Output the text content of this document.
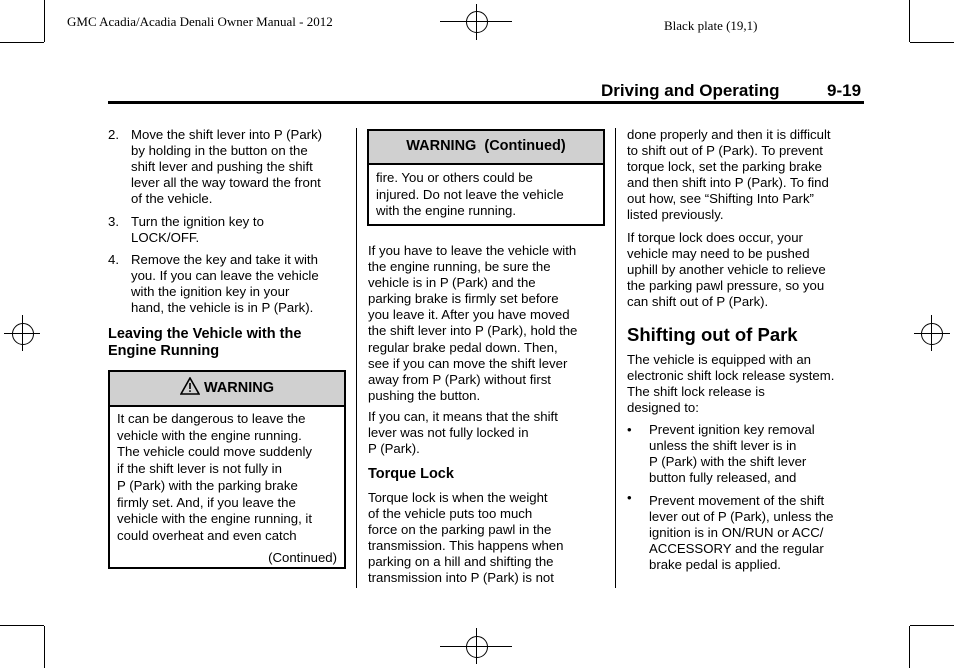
GMC Acadia/Acadia Denali Owner Manual - 2012	Black plate (19,1)
Driving and Operating	9-19
2. Move the shift lever into P (Park)
by holding in the button on the
shift lever and pushing the shift
lever all the way toward the front
of the vehicle.
3. Turn the ignition key to
LOCK/OFF.
4. Remove the key and take it with
you. If you can leave the vehicle
with the ignition key in your
hand, the vehicle is in P (Park).
Leaving the Vehicle with the
Engine Running
WARNING
It can be dangerous to leave the
vehicle with the engine running.
The vehicle could move suddenly
if the shift lever is not fully in
P (Park) with the parking brake
firmly set. And, if you leave the
vehicle with the engine running, it
could overheat and even catch
(Continued)
WARNING  (Continued)
fire. You or others could be
injured. Do not leave the vehicle
with the engine running.
If you have to leave the vehicle with
the engine running, be sure the
vehicle is in P (Park) and the
parking brake is firmly set before
you leave it. After you have moved
the shift lever into P (Park), hold the
regular brake pedal down. Then,
see if you can move the shift lever
away from P (Park) without first
pushing the button.
If you can, it means that the shift
lever was not fully locked in
P (Park).
Torque Lock
Torque lock is when the weight
of the vehicle puts too much
force on the parking pawl in the
transmission. This happens when
parking on a hill and shifting the
transmission into P (Park) is not
done properly and then it is difficult
to shift out of P (Park). To prevent
torque lock, set the parking brake
and then shift into P (Park). To find
out how, see “Shifting Into Park”
listed previously.
If torque lock does occur, your
vehicle may need to be pushed
uphill by another vehicle to relieve
the parking pawl pressure, so you
can shift out of P (Park).
Shifting out of Park
The vehicle is equipped with an
electronic shift lock release system.
The shift lock release is
designed to:
• Prevent ignition key removal
unless the shift lever is in
P (Park) with the shift lever
button fully released, and
• Prevent movement of the shift
lever out of P (Park), unless the
ignition is in ON/RUN or ACC/
ACCESSORY and the regular
brake pedal is applied.
